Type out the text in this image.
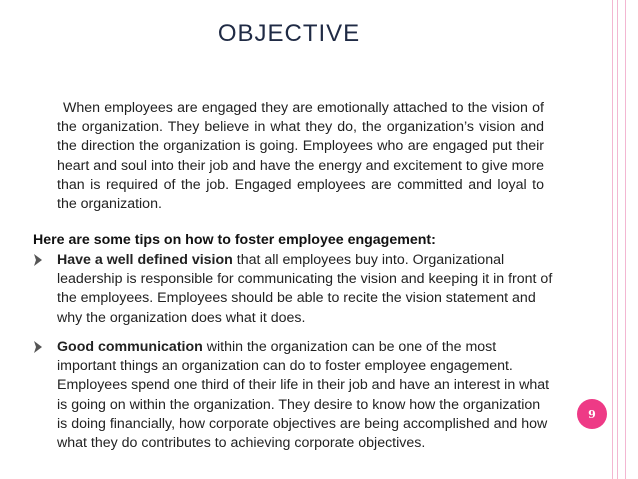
OBJECTIVE
When employees are engaged they are emotionally attached to the vision of the organization. They believe in what they do, the organization’s vision and the direction the organization is going. Employees who are engaged put their heart and soul into their job and have the energy and excitement to give more than is required of the job. Engaged employees are committed and loyal to the organization.
Here are some tips on how to foster employee engagement:
Have a well defined vision that all employees buy into. Organizational leadership is responsible for communicating the vision and keeping it in front of the employees. Employees should be able to recite the vision statement and why the organization does what it does.
Good communication within the organization can be one of the most important things an organization can do to foster employee engagement. Employees spend one third of their life in their job and have an interest in what is going on within the organization. They desire to know how the organization is doing financially, how corporate objectives are being accomplished and how what they do contributes to achieving corporate objectives.
9
